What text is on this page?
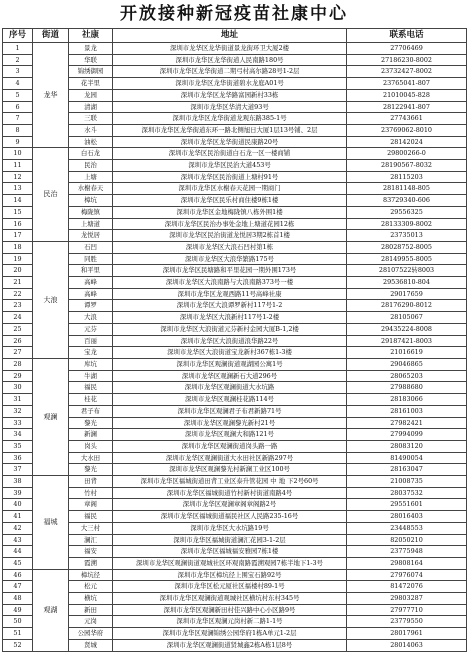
开放接种新冠疫苗社康中心
序号	街道	社康	地址	联系电话
1	龙华	景龙	深圳市龙华区龙华街道景龙街环卫大厦2楼	27706469
2		华联	深圳市龙华区龙华街道人民南路180号	27186230-8002
3		锦绣御园	深圳市龙华区龙华街道二期弓村高尔路28号1-2层	23732427-8002
4		花半里	深圳市龙华区龙华街道碧水龙庭A01号	23765041-807
5		龙园	深圳市龙华区龙华路富园新村33栋	21010045-828
6		清湖	深圳市龙华区华清大道93号	28122941-807
7		三联	深圳市龙华区龙华街道龙观东路385-1号	27743661
8		水斗	深圳市龙华区龙华街道东环一路北侧旭日大厦1层13号铺、2层	23769062-8010
9		油松	深圳市龙华区龙华街道民康路20号	28142024
10	民治	白石龙	深圳市龙华区民治街道白石龙一区一楼商铺	29800266-0
11		民治	深圳市龙华区民治大道453号	28190567-8032
12		上塘	深圳市龙华区民治街道上塘村91号	28115203
13		水榭春天	深圳市龙华区水榭春天花园一期商门	28181148-805
14		樟坑	深圳市龙华区民乐村商住楼9栋1楼	83729340-606
15		梅陇镇	深圳市龙华区金地梅陇镇八栋外围1楼	29556325
16		上塘道	深圳市龙华区民治办事处金地上塘道花园12栋	28133309-8002
17		龙悦居	深圳市龙华区民治街道龙悦居3期2栋首1楼	23735013
18	大浪	石凹	深圳市龙华区大浪石凹村第1栋	28028752-8005
19		同胜	深圳市龙华区大浪华繁路175号	28149955-8005
20		和平里	深圳市龙华区民塘路和平里花园一期外围173号	28107522转8003
21		高峰	深圳市龙华区大浪南路与大浪南路373号一楼	29536810-804
22		高峰	深圳市龙华区龙观西路11号高峰社康	29017659
23		谭罗	深圳市龙华区大浪谭罗新村117号1-2	28176290-8012
24		大浪	深圳市龙华区大浪新村117号1-2楼	28105067
25		元芬	深圳市龙华区大浪街道元芬新村金园大厦B-1,2楼	29435224-8008
26		百丽	深圳市龙华区大浪街道浪华路22号	29187421-8003
27		宝龙	深圳市龙华区大浪街道宝龙新村367栋1-3楼	21016619
28	观澜	库坑	深圳市龙华区观澜街道观湖园公寓1号	29046865
29		牛湖	深圳市龙华区观澜新石大道296号	28065203
30		福民	深圳市龙华区观澜街道大水坑路	27988680
31		桂花	深圳市龙华区观澜桂花路114号	28183066
32		君子布	深圳市龙华区观澜君子布君新路71号	28161003
33		黎光	深圳市龙华区观澜黎光新村21号	27982421
34		新澜	深圳市龙华区观澜大和路121号	27994099
35		岗头	深圳市龙华区观澜街道岗头路一路	28083120
36		大水田	深圳市龙华区观澜街道大水田社区新路297号	81490054
37		黎光	深圳市龙华区观澜黎光村新澜工业区100号	28163047
38	福城	田背	深圳市龙华区福城街道田背工业区泰升管花园 中 地 下2号60号	21008735
39		竹村	深圳市龙华区福城街道竹村新村街道南路4号	28037532
40		章阁	深圳市龙华区观澜章阁章阁路2号	29551601
41		福民	深圳市龙华区福城街道福民社区人民路235-16号	28016403
42		大三村	深圳市龙华区大水坑路19号	23448553
43		澜汇	深圳市龙华区福城街道澜汇花园3-1-2层	82050210
44		福安	深圳市龙华区福城福安雅园7栋1楼	23775948
45		霞溯	深圳市龙华区观澜街道观城社区环观南路霞溯观园7栋半地下1-3号	29808164
46	观湖	樟坑径	深圳市龙华区樟坑径上围宝石路92号	27976074
47		松元	深圳市龙华区松元厦社区福楼村89-1号	81472076
48		横坑	深圳市龙华区观澜街道观城社区横坑村东村345号	29803287
49		新田	深圳市龙华区观澜新田村佳兴路中心小区路9号	27977710
50		元岗	深圳市龙华区观澜元岗村新二路1-1号	23779550
51		公园华府	深圳市龙华区观澜锦绣公园华府1栋A单元1-2层	28017961
52		贤城	深圳市龙华区观澜街道贤城鑫2栋A栋1层8号	28014063
